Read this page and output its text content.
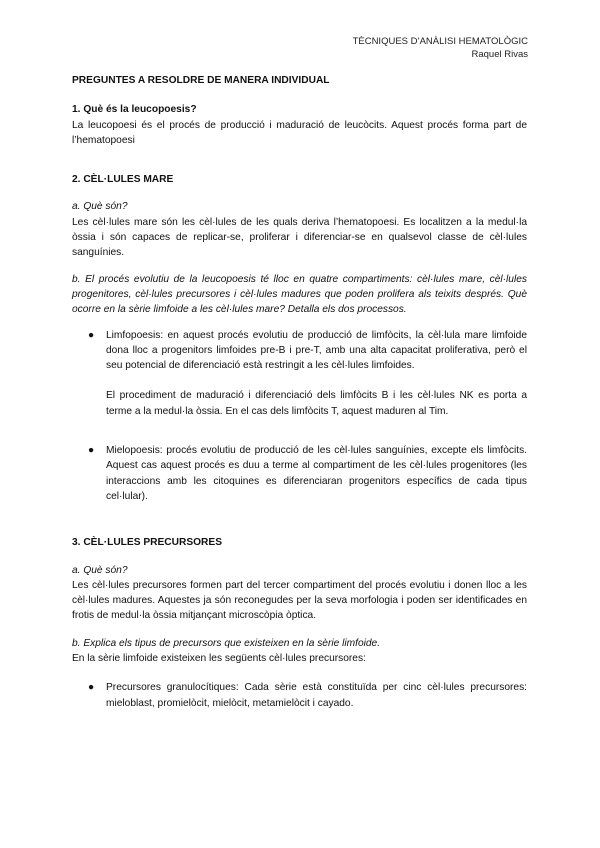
TÈCNIQUES D’ANÀLISI HEMATOLÒGIC
Raquel Rivas

PREGUNTES A RESOLDRE DE MANERA INDIVIDUAL

1. Què és la leucopoesis?

La leucopoesi és el procés de producció i maduració de leucòcits. Aquest procés forma part de l’hematopoesi

2. CÈL·LULES MARE

a. Què són?

Les cèl·lules mare són les cèl·lules de les quals deriva l’hematopoesi. Es localitzen a la medul·la òssia i són capaces de replicar-se, proliferar i diferenciar-se en qualsevol classe de cèl·lules sanguínies.

b. El procés evolutiu de la leucopoesis té lloc en quatre compartiments: cèl·lules mare, cèl·lules progenitores, cèl·lules precursores i cèl·lules madures que poden prolifera als teixits després. Què ocorre en la sèrie limfoide a les cèl·lules mare? Detalla els dos processos.

● Limfopoesis: en aquest procés evolutiu de producció de limfòcits, la cèl·lula mare limfoide dona lloc a progenitors limfoides pre-B i pre-T, amb una alta capacitat proliferativa, però el seu potencial de diferenciació està restringit a les cèl·lules limfoides.

El procediment de maduració i diferenciació dels limfòcits B i les cèl·lules NK es porta a terme a la medul·la òssia. En el cas dels limfòcits T, aquest maduren al Tim.

● Mielopoesis: procés evolutiu de producció de les cèl·lules sanguínies, excepte els limfòcits. Aquest cas aquest procés es duu a terme al compartiment de les cèl·lules progenitores (les interaccions amb les citoquines es diferenciaran progenitors específics de cada tipus cel·lular).

3. CÈL·LULES PRECURSORES

a. Què són?

Les cèl·lules precursores formen part del tercer compartiment del procés evolutiu i donen lloc a les cèl·lules madures. Aquestes ja són reconegudes per la seva morfologia i poden ser identificades en frotis de medul·la òssia mitjançant microscòpia òptica.

b. Explica els tipus de precursors que existeixen en la sèrie limfoide.

En la sèrie limfoide existeixen les següents cèl·lules precursores:

● Precursores granulocítiques: Cada sèrie està constituïda per cinc cèl·lules precursores: mieloblast, promielòcit, mielòcit, metamielòcit i cayado.
